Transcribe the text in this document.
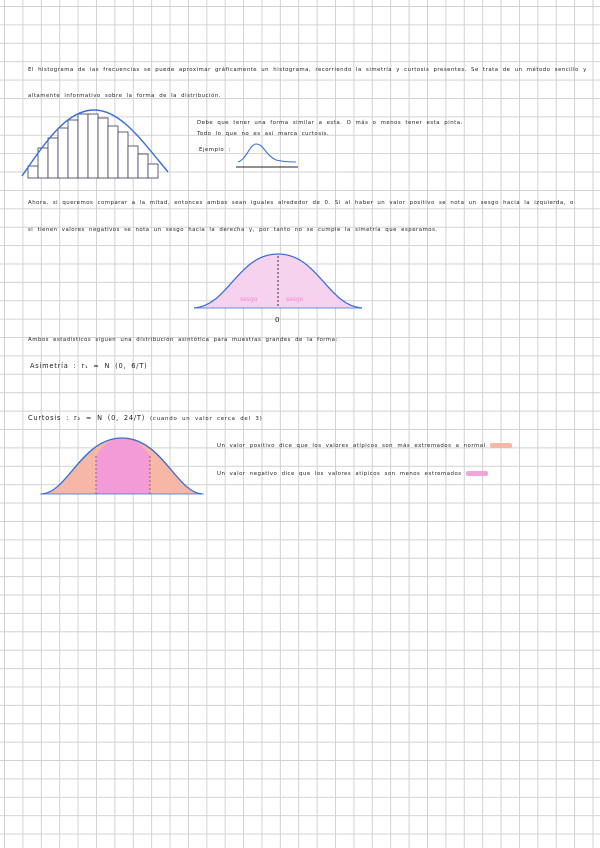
El histograma de las frecuencias se puede aproximar gráficamente un histograma, recorriendo la simetría y curtosis presentes. Se trata de un método sencillo y
altamente informativo sobre la forma de la distribución.
Debe que tener una forma similar a esta. O más o menos tener esta pinta.
Todo lo que no es así marca curtosis.
Ejemplo :
Ahora, si queremos comparar a la mitad, entonces ambas sean iguales alrededor de 0. Si al haber un valor positivo se nota un sesgo hacia la izquierda, o
si tienen valores negativos se nota un sesgo hacia la derecha y, por tanto no se cumple la simetría que esperamos.
sesgo	sesgo
0
Ambos estadísticos siguen una distribución asintótica para muestras grandes de la forma:
Asimetría : r₁ ≈ N (0, 6/T)
Curtosis : r₂ ≈ N (0, 24/T) (cuando un valor cerca del 3)
Un valor positivo dice que los valores atípicos son más extremados a normal
Un valor negativo dice que los valores atípicos son menos extremados
